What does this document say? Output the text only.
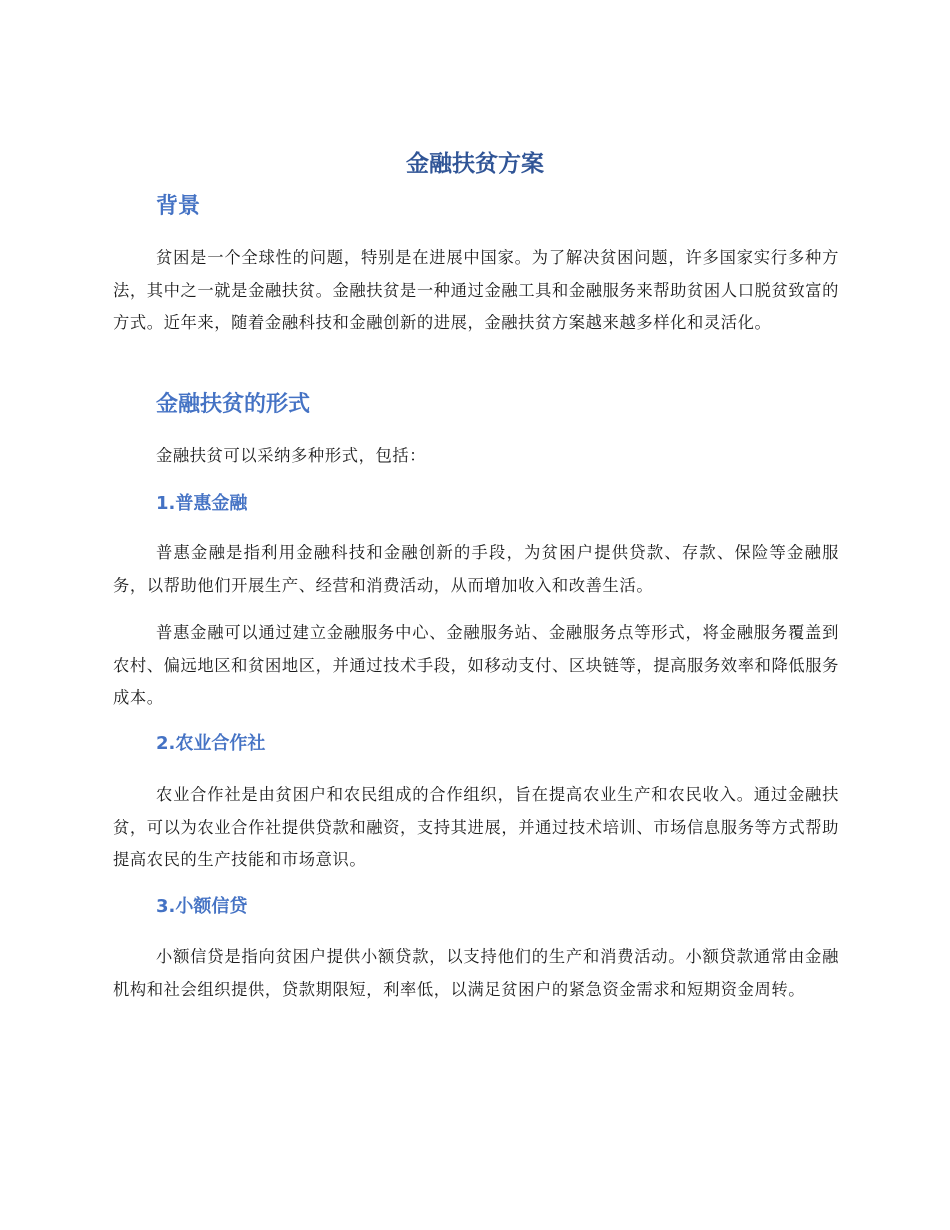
金融扶贫方案
背景

贫困是一个全球性的问题，特别是在进展中国家。为了解决贫困问题，许多国家实行多种方法，其中之一就是金融扶贫。金融扶贫是一种通过金融工具和金融服务来帮助贫困人口脱贫致富的方式。近年来，随着金融科技和金融创新的进展，金融扶贫方案越来越多样化和灵活化。

金融扶贫的形式

金融扶贫可以采纳多种形式，包括：

1.普惠金融

普惠金融是指利用金融科技和金融创新的手段，为贫困户提供贷款、存款、保险等金融服务，以帮助他们开展生产、经营和消费活动，从而增加收入和改善生活。

普惠金融可以通过建立金融服务中心、金融服务站、金融服务点等形式，将金融服务覆盖到农村、偏远地区和贫困地区，并通过技术手段，如移动支付、区块链等，提高服务效率和降低服务成本。

2.农业合作社

农业合作社是由贫困户和农民组成的合作组织，旨在提高农业生产和农民收入。通过金融扶贫，可以为农业合作社提供贷款和融资，支持其进展，并通过技术培训、市场信息服务等方式帮助提高农民的生产技能和市场意识。

3.小额信贷

小额信贷是指向贫困户提供小额贷款，以支持他们的生产和消费活动。小额贷款通常由金融机构和社会组织提供，贷款期限短，利率低，以满足贫困户的紧急资金需求和短期资金周转。
